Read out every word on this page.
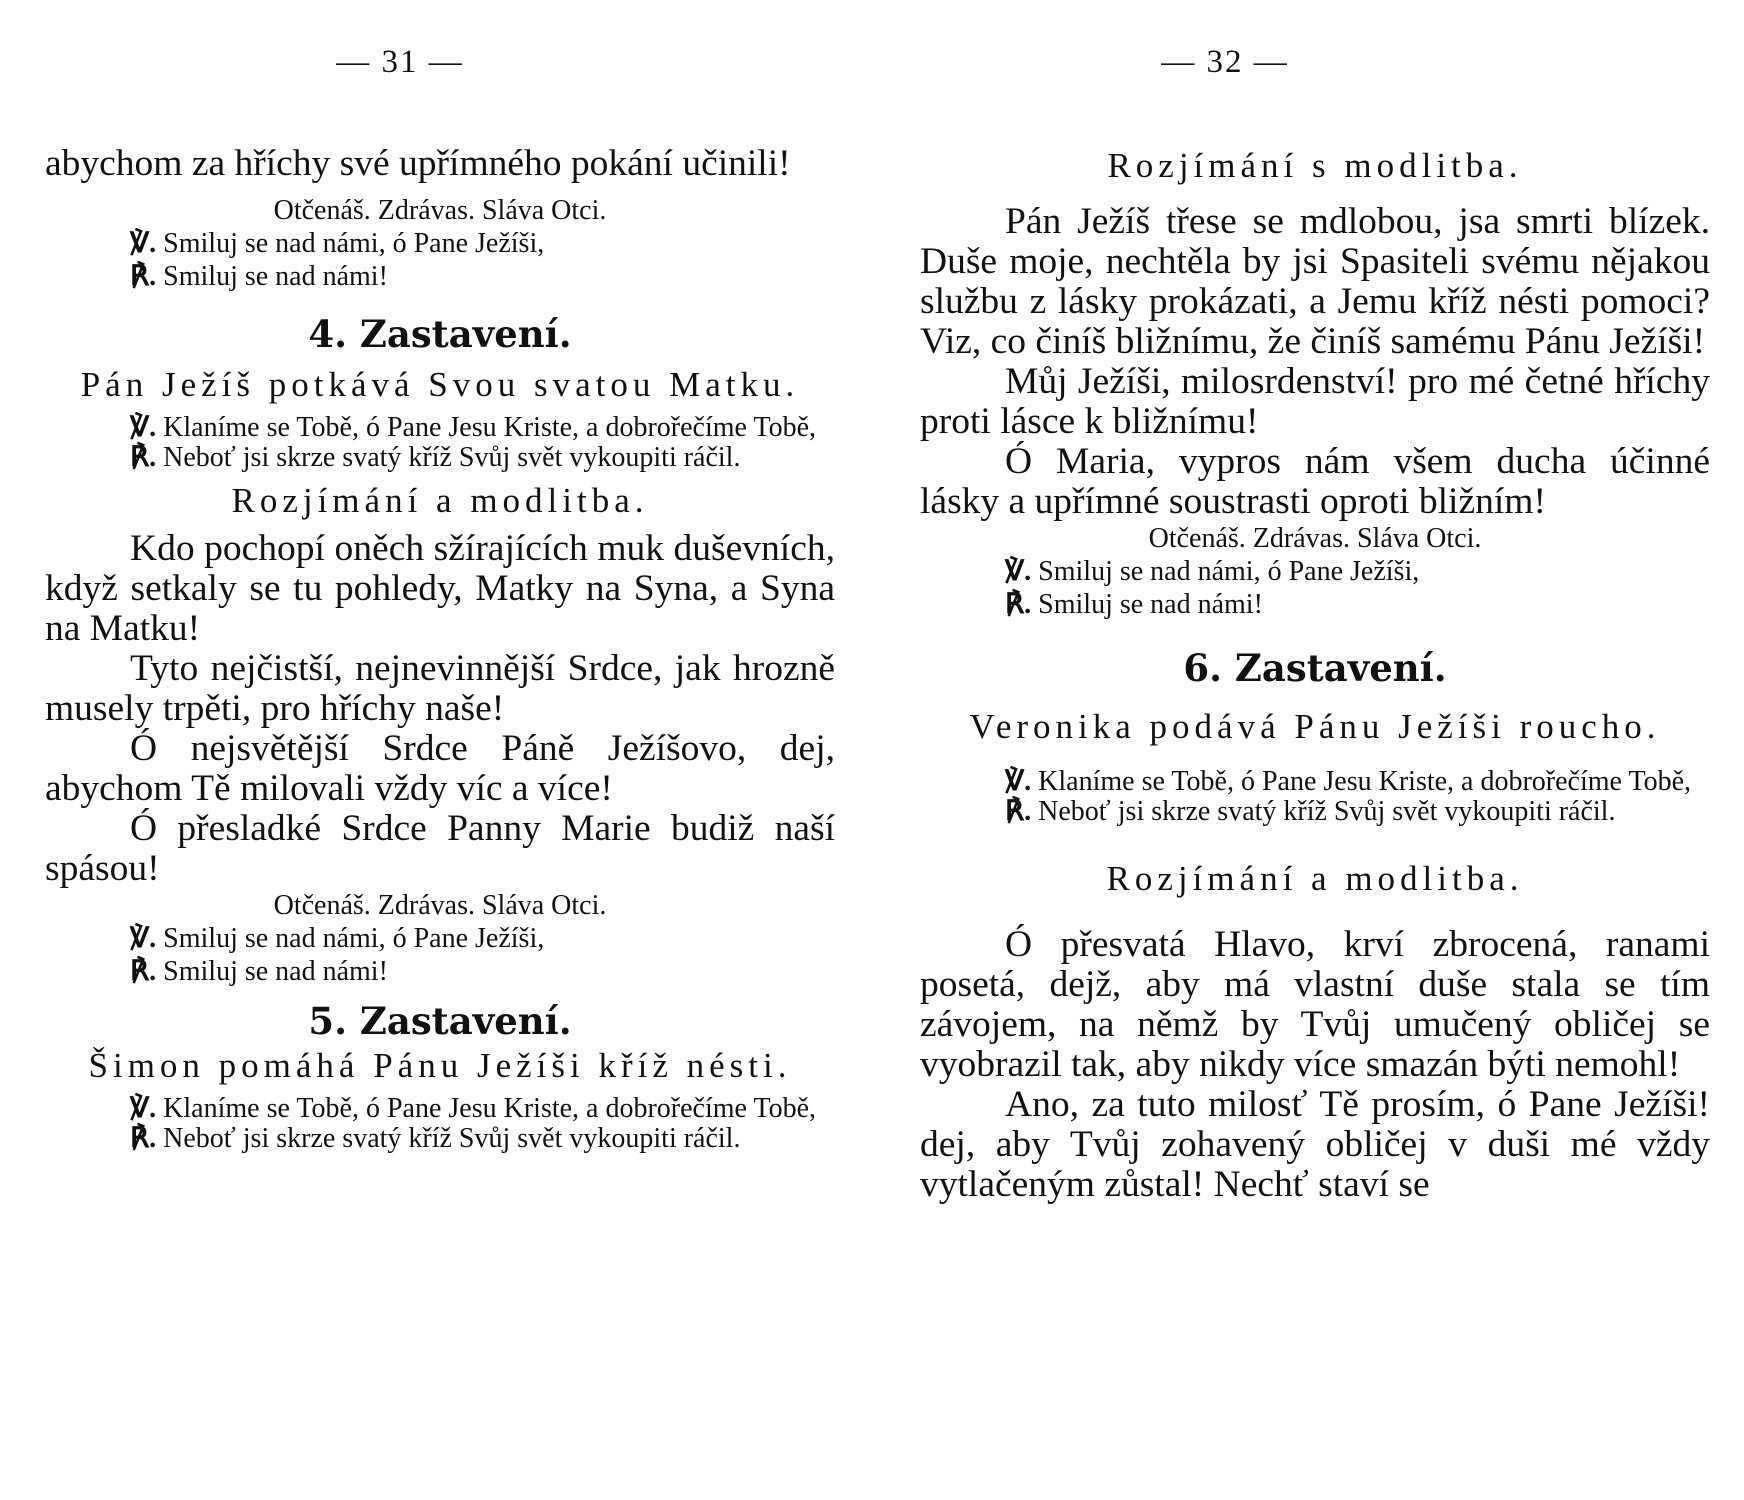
— 31 —

abychom za hříchy své upřímného pokání učinili!

Otčenáš. Zdrávas. Sláva Otci.

℣. Smiluj se nad námi, ó Pane Ježíši,

℟. Smiluj se nad námi!

4. Zastavení.

Pán Ježíš potkává Svou svatou Matku.

℣. Klaníme se Tobě, ó Pane Jesu Kriste, a dobrořečíme Tobě,

℟. Neboť jsi skrze svatý kříž Svůj svět vykoupiti ráčil.

Rozjímání a modlitba.

Kdo pochopí oněch sžírajících muk duševních, když setkaly se tu pohledy, Matky na Syna, a Syna na Matku!

Tyto nejčistší, nejnevinnější Srdce, jak hrozně musely trpěti, pro hříchy naše!

Ó nejsvětější Srdce Páně Ježíšovo, dej, abychom Tě milovali vždy víc a více!

Ó přesladké Srdce Panny Marie budiž naší spásou!

Otčenáš. Zdrávas. Sláva Otci.

℣. Smiluj se nad námi, ó Pane Ježíši,

℟. Smiluj se nad námi!

5. Zastavení.

Šimon pomáhá Pánu Ježíši kříž nésti.

℣. Klaníme se Tobě, ó Pane Jesu Kriste, a dobrořečíme Tobě,

℟. Neboť jsi skrze svatý kříž Svůj svět vykoupiti ráčil.

— 32 —

Rozjímání s modlitba.

Pán Ježíš třese se mdlobou, jsa smrti blízek. Duše moje, nechtěla by jsi Spasiteli svému nějakou službu z lásky prokázati, a Jemu kříž nésti pomoci? Viz, co činíš bližnímu, že činíš samému Pánu Ježíši!

Můj Ježíši, milosrdenství! pro mé četné hříchy proti lásce k bližnímu!

Ó Maria, vypros nám všem ducha účinné lásky a upřímné soustrasti oproti bližním!

Otčenáš. Zdrávas. Sláva Otci.

℣. Smiluj se nad námi, ó Pane Ježíši,

℟. Smiluj se nad námi!

6. Zastavení.

Veronika podává Pánu Ježíši roucho.

℣. Klaníme se Tobě, ó Pane Jesu Kriste, a dobrořečíme Tobě,

℟. Neboť jsi skrze svatý kříž Svůj svět vykoupiti ráčil.

Rozjímání a modlitba.

Ó přesvatá Hlavo, krví zbrocená, ranami posetá, dejž, aby má vlastní duše stala se tím závojem, na němž by Tvůj umučený obličej se vyobrazil tak, aby nikdy více smazán býti nemohl!

Ano, za tuto milosť Tě prosím, ó Pane Ježíši! dej, aby Tvůj zohavený obličej v duši mé vždy vytlačeným zůstal! Nechť staví se
